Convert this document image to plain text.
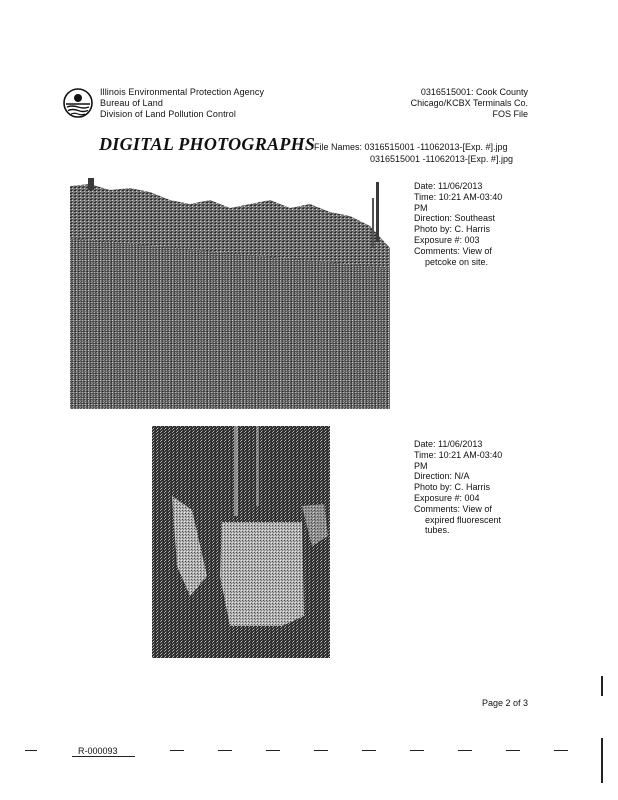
Illinois Environmental Protection Agency
Bureau of Land
Division of Land Pollution Control
0316515001: Cook County
Chicago/KCBX Terminals Co.
FOS File
DIGITAL PHOTOGRAPHS
File Names: 0316515001 -11062013-[Exp. #].jpg
0316515001 -11062013-[Exp. #].jpg
Date: 11/06/2013
Time: 10:21 AM-03:40
PM
Direction: Southeast
Photo by: C. Harris
Exposure #: 003
Comments: View of
petcoke on site.
Date: 11/06/2013
Time: 10:21 AM-03:40
PM
Direction: N/A
Photo by: C. Harris
Exposure #: 004
Comments: View of
expired fluorescent
tubes.
Page 2 of 3
R-000093
